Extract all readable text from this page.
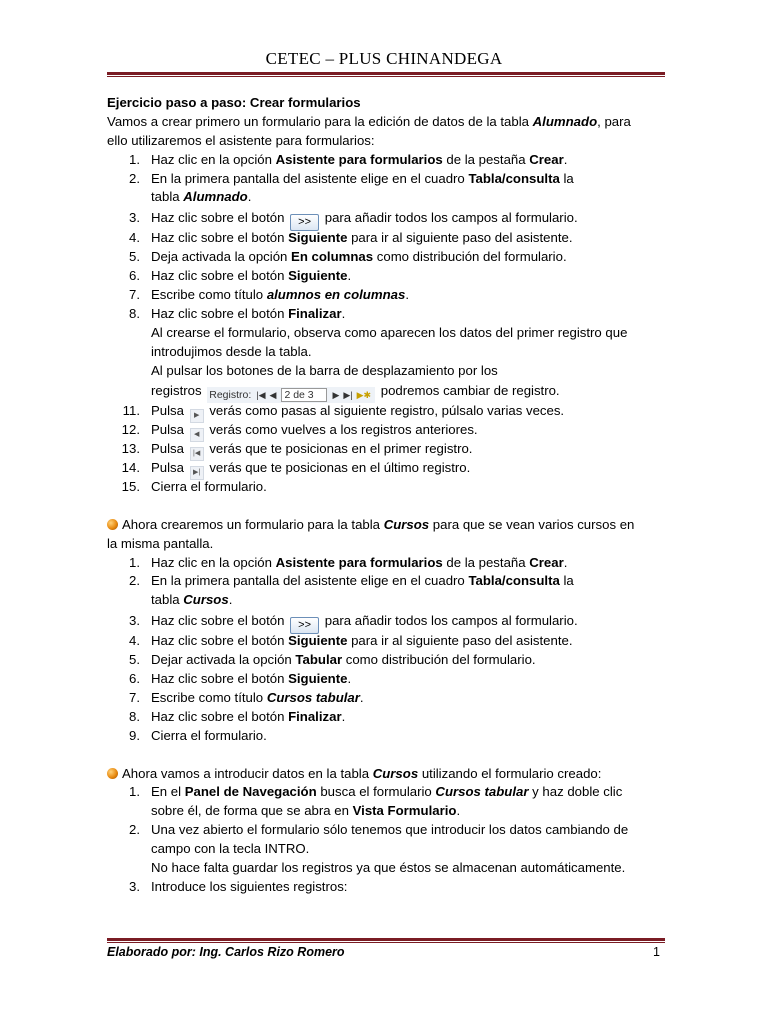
CETEC – PLUS CHINANDEGA
Ejercicio paso a paso: Crear formularios
Vamos a crear primero un formulario para la edición de datos de la tabla Alumnado, para
ello utilizaremos el asistente para formularios:
1. Haz clic en la opción Asistente para formularios de la pestaña Crear.
2. En la primera pantalla del asistente elige en el cuadro Tabla/consulta la
tabla Alumnado.
3. Haz clic sobre el botón >> para añadir todos los campos al formulario.
4. Haz clic sobre el botón Siguiente para ir al siguiente paso del asistente.
5. Deja activada la opción En columnas como distribución del formulario.
6. Haz clic sobre el botón Siguiente.
7. Escribe como título alumnos en columnas.
8. Haz clic sobre el botón Finalizar.
Al crearse el formulario, observa como aparecen los datos del primer registro que
introdujimos desde la tabla.
Al pulsar los botones de la barra de desplazamiento por los
registros Registro: |◀ ◀ 2 de 3	▶ ▶| ▶✱ podremos cambiar de registro.
11. Pulsa ▶ verás como pasas al siguiente registro, púlsalo varias veces.
12. Pulsa ◀ verás como vuelves a los registros anteriores.
13. Pulsa |◀ verás que te posicionas en el primer registro.
14. Pulsa ▶| verás que te posicionas en el último registro.
15. Cierra el formulario.
Ahora crearemos un formulario para la tabla Cursos para que se vean varios cursos en
la misma pantalla.
1. Haz clic en la opción Asistente para formularios de la pestaña Crear.
2. En la primera pantalla del asistente elige en el cuadro Tabla/consulta la
tabla Cursos.
3. Haz clic sobre el botón >> para añadir todos los campos al formulario.
4. Haz clic sobre el botón Siguiente para ir al siguiente paso del asistente.
5. Dejar activada la opción Tabular como distribución del formulario.
6. Haz clic sobre el botón Siguiente.
7. Escribe como título Cursos tabular.
8. Haz clic sobre el botón Finalizar.
9. Cierra el formulario.
Ahora vamos a introducir datos en la tabla Cursos utilizando el formulario creado:
1. En el Panel de Navegación busca el formulario Cursos tabular y haz doble clic
sobre él, de forma que se abra en Vista Formulario.
2. Una vez abierto el formulario sólo tenemos que introducir los datos cambiando de
campo con la tecla INTRO.
No hace falta guardar los registros ya que éstos se almacenan automáticamente.
3. Introduce los siguientes registros:
Elaborado por: Ing. Carlos Rizo Romero	1
